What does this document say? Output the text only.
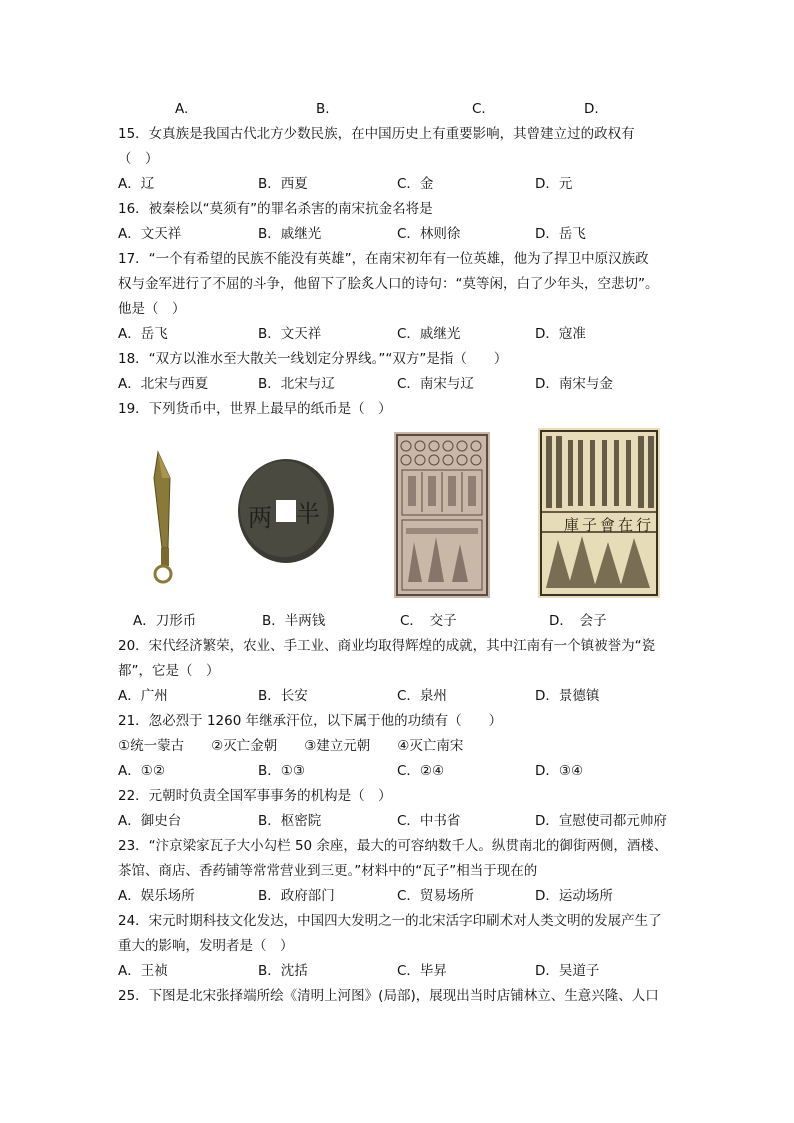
A.	B.	C.	D.
15．女真族是我国古代北方少数民族，在中国历史上有重要影响，其曾建立过的政权有
（　）
A．辽	B．西夏	C．金	D．元
16．被秦桧以“莫须有”的罪名杀害的南宋抗金名将是
A．文天祥	B．戚继光	C．林则徐	D．岳飞
17．“一个有希望的民族不能没有英雄”，在南宋初年有一位英雄，他为了捍卫中原汉族政
权与金军进行了不屈的斗争，他留下了脍炙人口的诗句：“莫等闲，白了少年头，空悲切”。
他是（　）
A．岳飞	B．文天祥	C．戚继光	D．寇准
18．“双方以淮水至大散关一线划定分界线。”“双方”是指（　　）
A．北宋与西夏	B．北宋与辽	C．南宋与辽	D．南宋与金
19．下列货币中，世界上最早的纸币是（　）
半
两	行在會子庫
A．刀形币	B．半两钱	C．　交子	D．　会子
20．宋代经济繁荣，农业、手工业、商业均取得辉煌的成就，其中江南有一个镇被誉为“瓷
都”，它是（　）
A．广州	B．长安	C．泉州	D．景德镇
21．忽必烈于 1260 年继承汗位，以下属于他的功绩有（　　）
①统一蒙古　　②灭亡金朝　　③建立元朝　　④灭亡南宋
A．①②	B．①③	C．②④	D．③④
22．元朝时负责全国军事事务的机构是（　）
A．御史台	B．枢密院	C．中书省	D．宣慰使司都元帅府
23．“汴京梁家瓦子大小勾栏 50 余座，最大的可容纳数千人。纵贯南北的御街两侧，酒楼、
茶馆、商店、香药铺等常常营业到三更。”材料中的“瓦子”相当于现在的
A．娱乐场所	B．政府部门	C．贸易场所	D．运动场所
24．宋元时期科技文化发达，中国四大发明之一的北宋活字印刷术对人类文明的发展产生了
重大的影响，发明者是（　）
A．王祯	B．沈括	C．毕昇	D．吴道子
25．下图是北宋张择端所绘《清明上河图》(局部)，展现出当时店铺林立、生意兴隆、人口
